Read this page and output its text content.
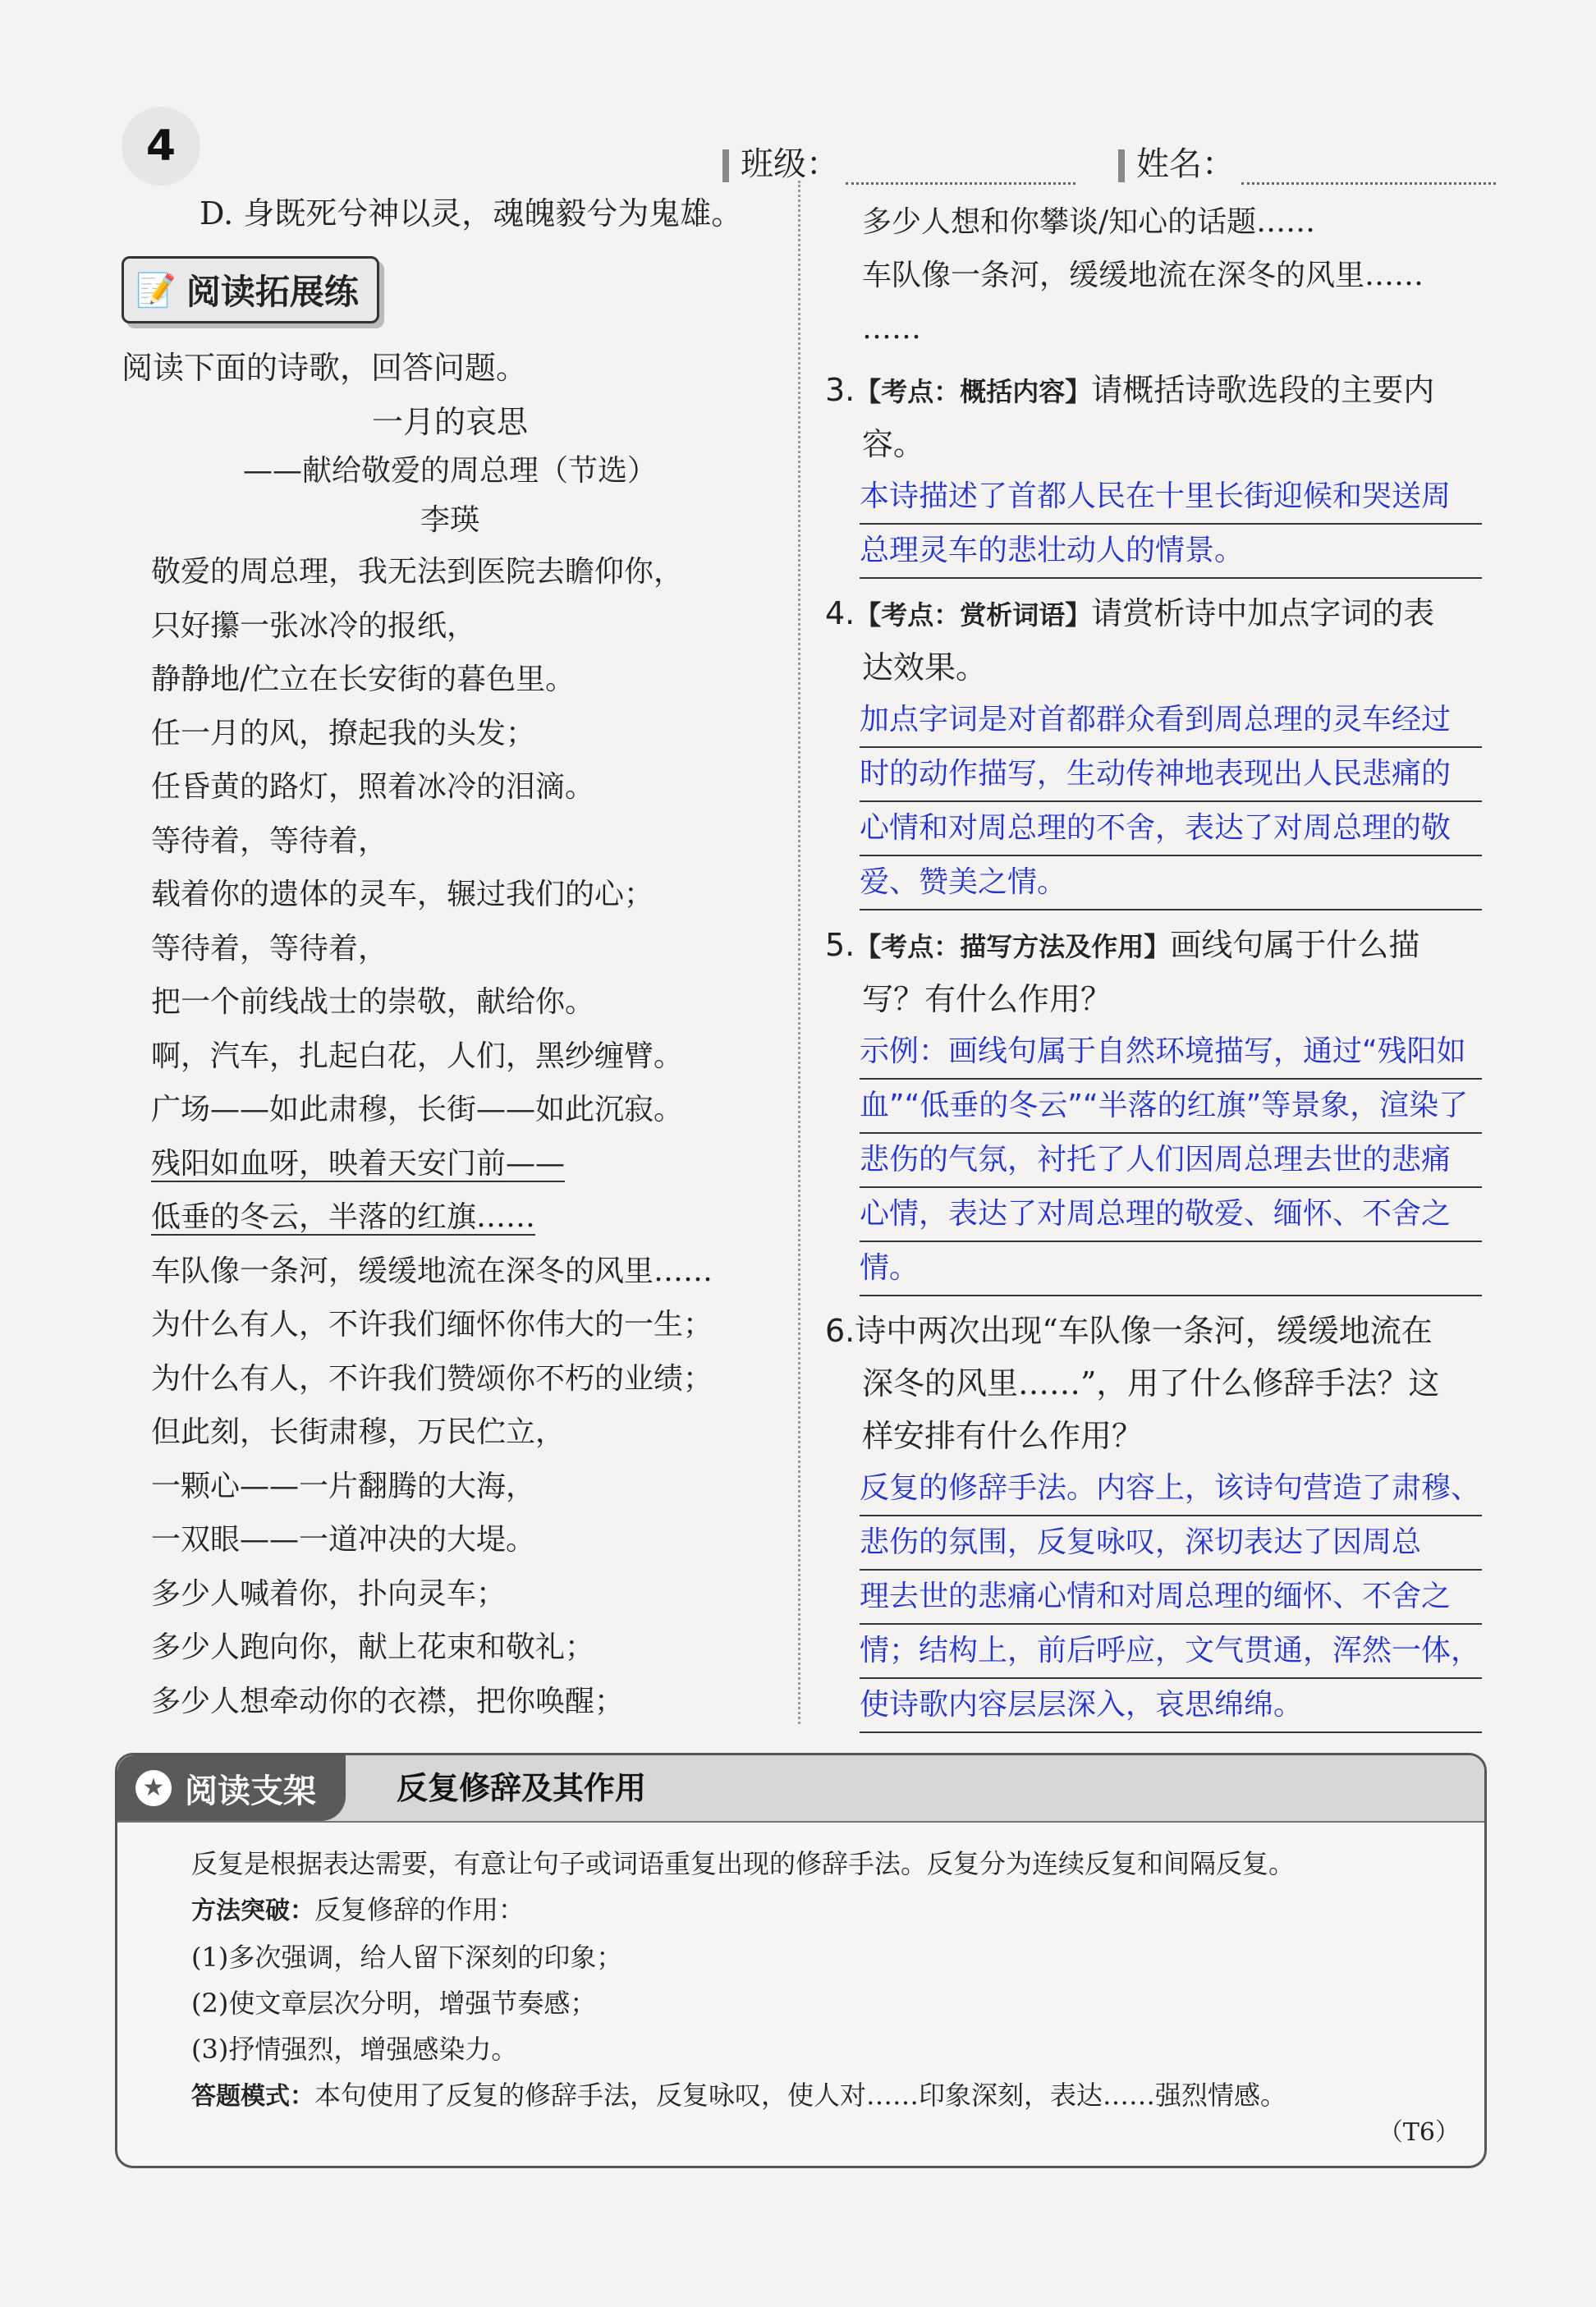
4	班级：	姓名：
D. 身既死兮神以灵，魂魄毅兮为鬼雄。
📝 阅读拓展练
阅读下面的诗歌，回答问题。
一月的哀思
——献给敬爱的周总理（节选）
李瑛
敬爱的周总理，我无法到医院去瞻仰你，
只好攥一张冰冷的报纸，
静静地/伫立在长安街的暮色里。
任一月的风，撩起我的头发；
任昏黄的路灯，照着冰冷的泪滴。
等待着，等待着，
载着你的遗体的灵车，辗过我们的心；
等待着，等待着，
把一个前线战士的崇敬，献给你。
啊，汽车，扎起白花，人们，黑纱缠臂。
广场——如此肃穆，长街——如此沉寂。
残阳如血呀，映着天安门前——
低垂的冬云，半落的红旗……
车队像一条河，缓缓地流在深冬的风里……
为什么有人，不许我们缅怀你伟大的一生；
为什么有人，不许我们赞颂你不朽的业绩；
但此刻，长街肃穆，万民伫立，
一颗心——一片翻腾的大海，
一双眼——一道冲决的大堤。
多少人喊着你，扑向灵车；
多少人跑向你，献上花束和敬礼；
多少人想牵动你的衣襟，把你唤醒；
多少人想和你攀谈/知心的话题……
车队像一条河，缓缓地流在深冬的风里……
……
3.【考点：概括内容】请概括诗歌选段的主要内
容。
本诗描述了首都人民在十里长街迎候和哭送周
总理灵车的悲壮动人的情景。
4.【考点：赏析词语】请赏析诗中加点字词的表
达效果。
加点字词是对首都群众看到周总理的灵车经过
时的动作描写，生动传神地表现出人民悲痛的
心情和对周总理的不舍，表达了对周总理的敬
爱、赞美之情。
5.【考点：描写方法及作用】画线句属于什么描
写？有什么作用？
示例：画线句属于自然环境描写，通过“残阳如
血”“低垂的冬云”“半落的红旗”等景象，渲染了
悲伤的气氛，衬托了人们因周总理去世的悲痛
心情，表达了对周总理的敬爱、缅怀、不舍之
情。
6.诗中两次出现“车队像一条河，缓缓地流在
深冬的风里……”，用了什么修辞手法？这
样安排有什么作用？
反复的修辞手法。内容上，该诗句营造了肃穆、
悲伤的氛围，反复咏叹，深切表达了因周总
理去世的悲痛心情和对周总理的缅怀、不舍之
情；结构上，前后呼应，文气贯通，浑然一体，
使诗歌内容层层深入，哀思绵绵。
★ 阅读支架	反复修辞及其作用
反复是根据表达需要，有意让句子或词语重复出现的修辞手法。反复分为连续反复和间隔反复。
方法突破：反复修辞的作用：
(1)多次强调，给人留下深刻的印象；
(2)使文章层次分明，增强节奏感；
(3)抒情强烈，增强感染力。
答题模式：本句使用了反复的修辞手法，反复咏叹，使人对……印象深刻，表达……强烈情感。
（T6）
